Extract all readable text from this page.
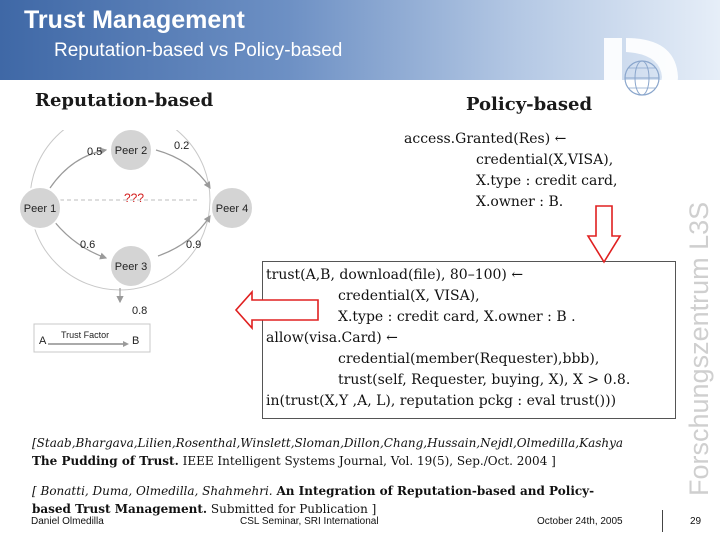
Trust Management
Reputation-based vs Policy-based
Forschungszentrum L3S
Reputation-based	Policy-based
Peer 2
Peer 1	Peer 4
Peer 3
0.5	0.2
0.6	0.9
0.8
???
A	B
Trust Factor
access.Granted(Res) ←
credential(X,VISA),
X.type : credit card,
X.owner : B.
trust(A,B, download(file), 80–100) ←
credential(X, VISA),
X.type : credit card, X.owner : B .
allow(visa.Card) ←
credential(member(Requester),bbb),
trust(self, Requester, buying, X), X > 0.8.
in(trust(X,Y ,A, L), reputation pckg : eval trust()))
[Staab,Bhargava,Lilien,Rosenthal,Winslett,Sloman,Dillon,Chang,Hussain,Nejdl,Olmedilla,Kashya
The Pudding of Trust. IEEE Intelligent Systems Journal, Vol. 19(5), Sep./Oct. 2004 ]
[ Bonatti, Duma, Olmedilla, Shahmehri. An Integration of Reputation-based and Policy-
based Trust Management. Submitted for Publication ]
Daniel Olmedilla	CSL Seminar, SRI International	October 24th, 2005	29
